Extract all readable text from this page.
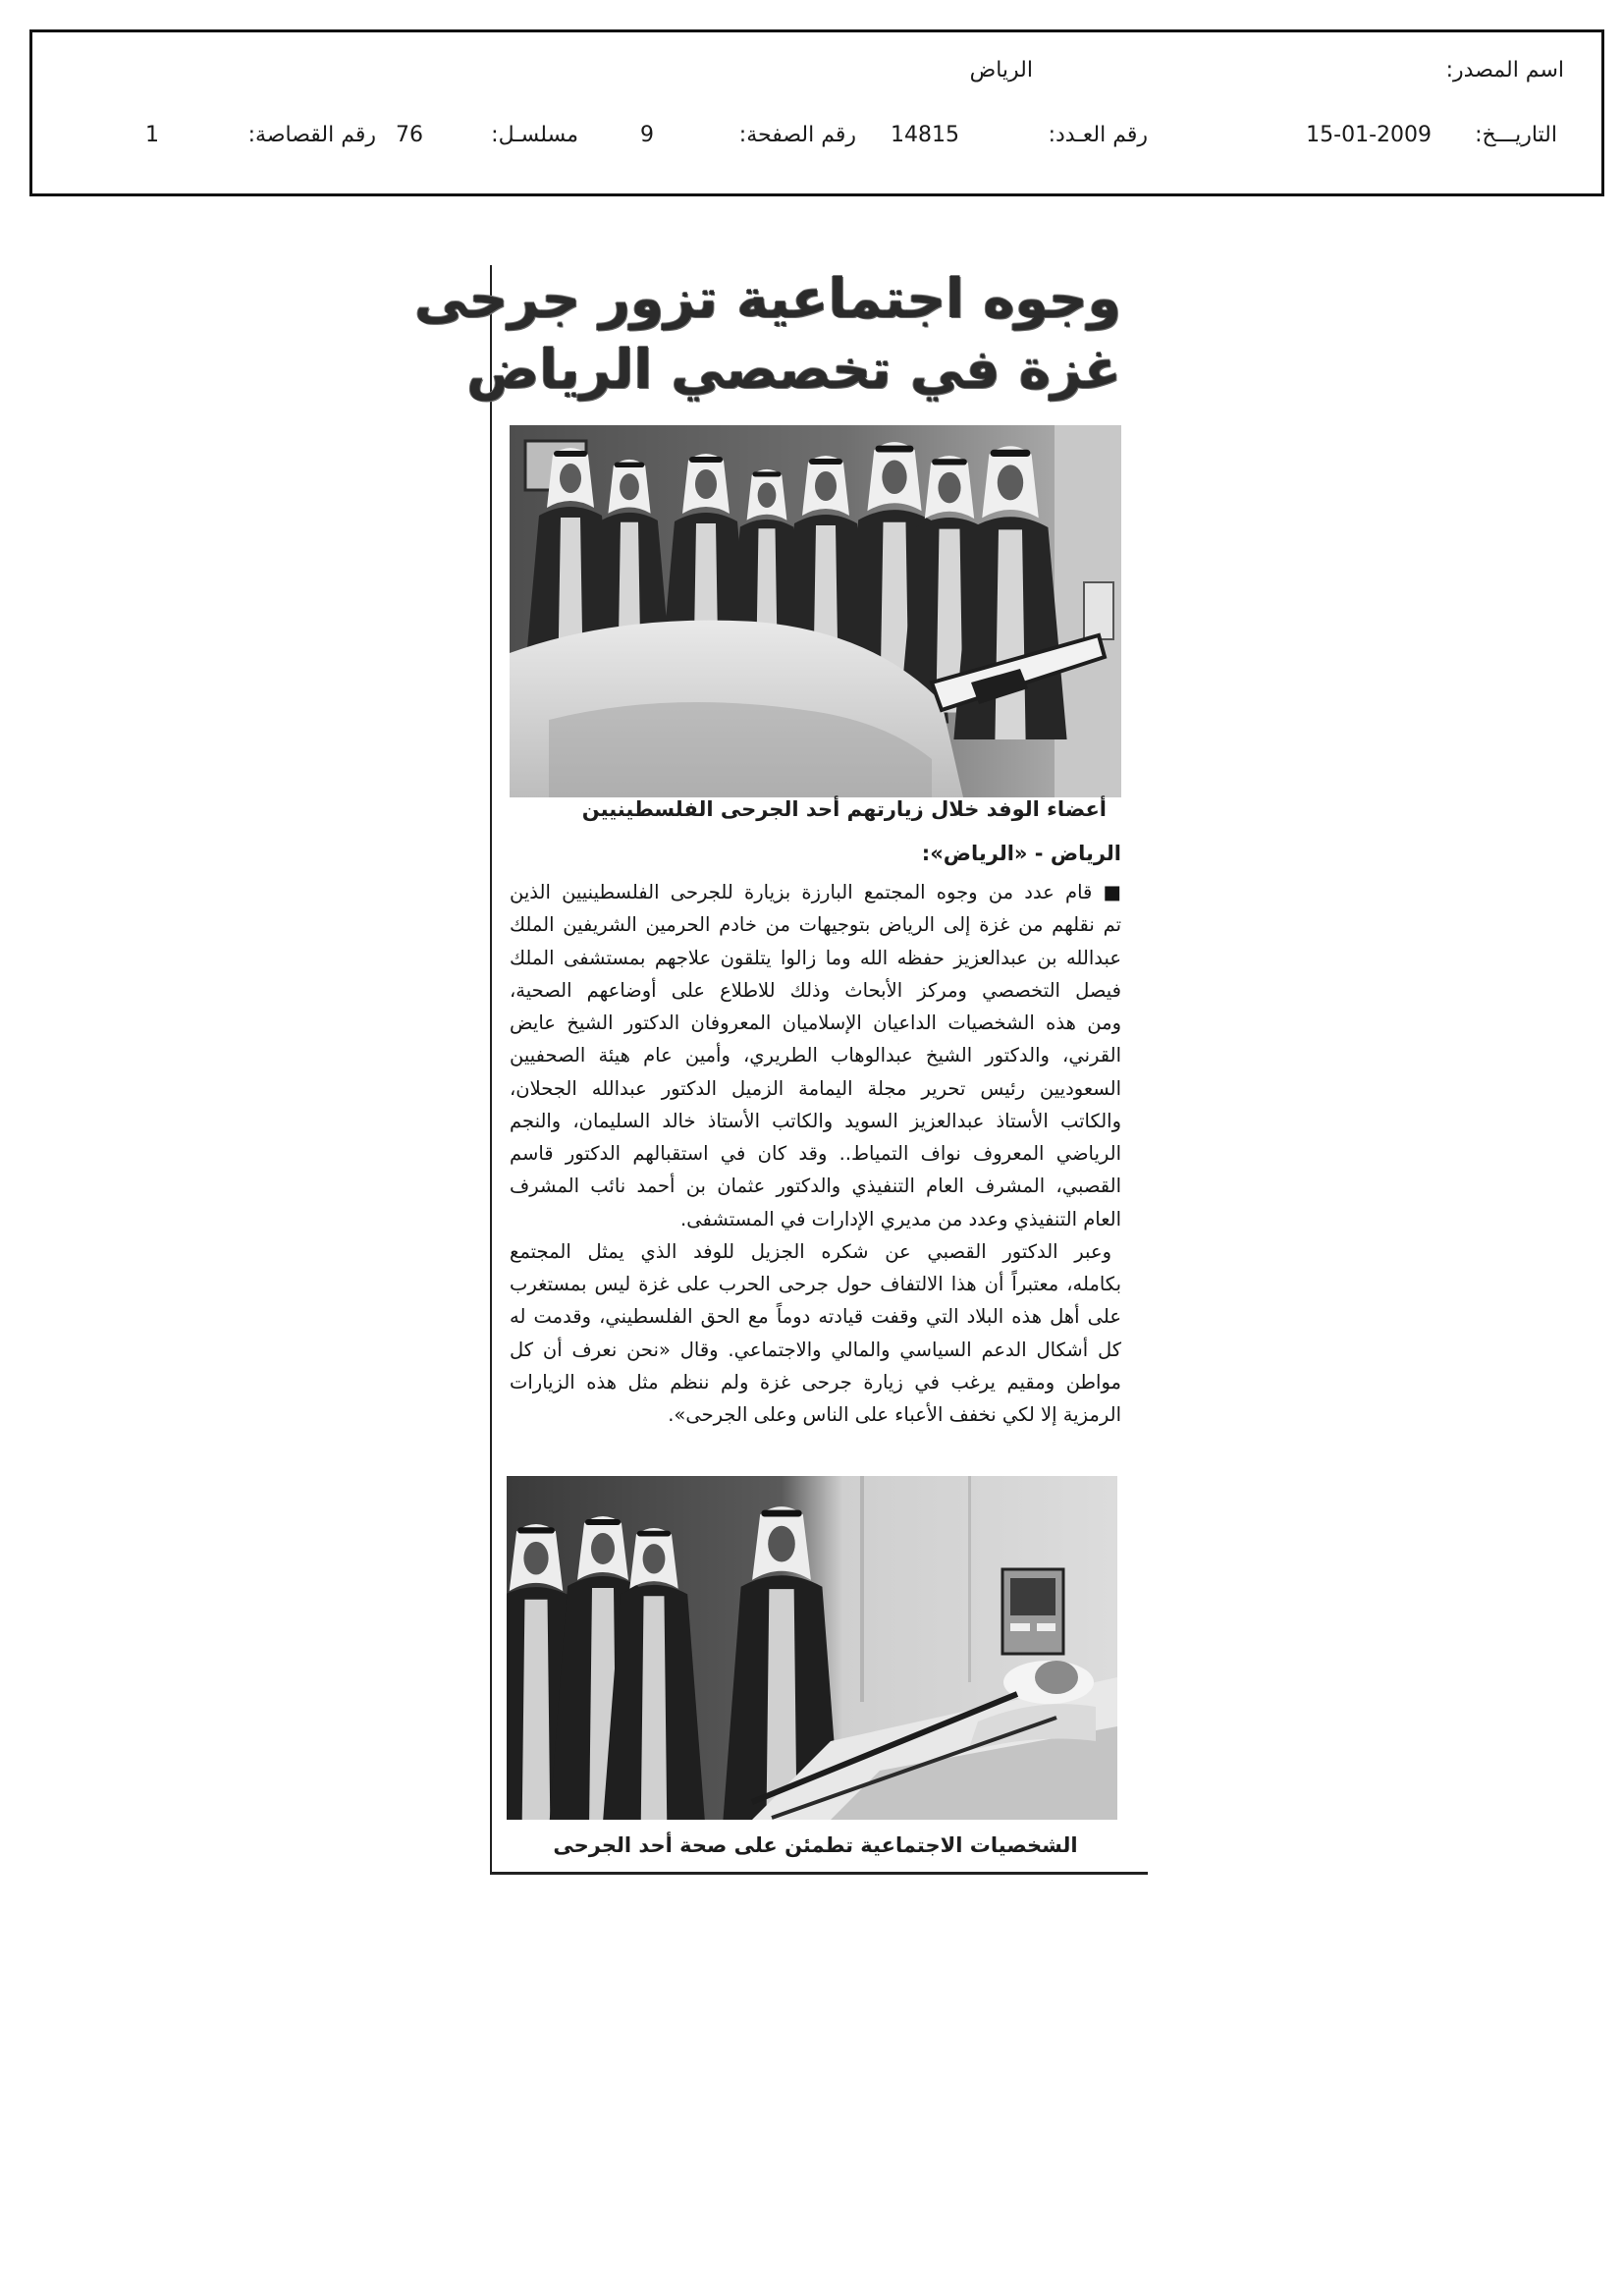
اسم المصدر:
الرياض
التاريـــخ:
15-01-2009
رقم العـدد:
14815
رقم الصفحة:
9
مسلسـل:
76
رقم القصاصة:
1
وجوه اجتماعية تزور جرحى
غزة في تخصصي الرياض
أعضاء الوفد خلال زيارتهم أحد الجرحى الفلسطينيين
الرياض - «الرياض»:
■ قام عدد من وجوه المجتمع البارزة بزيارة للجرحى الفلسطينيين الذين
تم نقلهم من غزة إلى الرياض بتوجيهات من خادم الحرمين الشريفين الملك
عبدالله بن عبدالعزيز حفظه الله وما زالوا يتلقون علاجهم بمستشفى الملك
فيصل التخصصي ومركز الأبحاث وذلك للاطلاع على أوضاعهم الصحية،
ومن هذه الشخصيات الداعيان الإسلاميان المعروفان الدكتور الشيخ عايض
القرني، والدكتور الشيخ عبدالوهاب الطريري، وأمين عام هيئة الصحفيين
السعوديين رئيس تحرير مجلة اليمامة الزميل الدكتور عبدالله الجحلان،
والكاتب الأستاذ عبدالعزيز السويد والكاتب الأستاذ خالد السليمان، والنجم
الرياضي المعروف نواف التمياط.. وقد كان في استقبالهم الدكتور قاسم
القصبي، المشرف العام التنفيذي والدكتور عثمان بن أحمد نائب المشرف
العام التنفيذي وعدد من مديري الإدارات في المستشفى.
وعبر الدكتور القصبي عن شكره الجزيل للوفد الذي يمثل المجتمع
بكامله، معتبراً أن هذا الالتفاف حول جرحى الحرب على غزة ليس بمستغرب
على أهل هذه البلاد التي وقفت قيادته دوماً مع الحق الفلسطيني، وقدمت له
كل أشكال الدعم السياسي والمالي والاجتماعي. وقال «نحن نعرف أن كل
مواطن ومقيم يرغب في زيارة جرحى غزة ولم ننظم مثل هذه الزيارات
الرمزية إلا لكي نخفف الأعباء على الناس وعلى الجرحى».
الشخصيات الاجتماعية تطمئن على صحة أحد الجرحى
